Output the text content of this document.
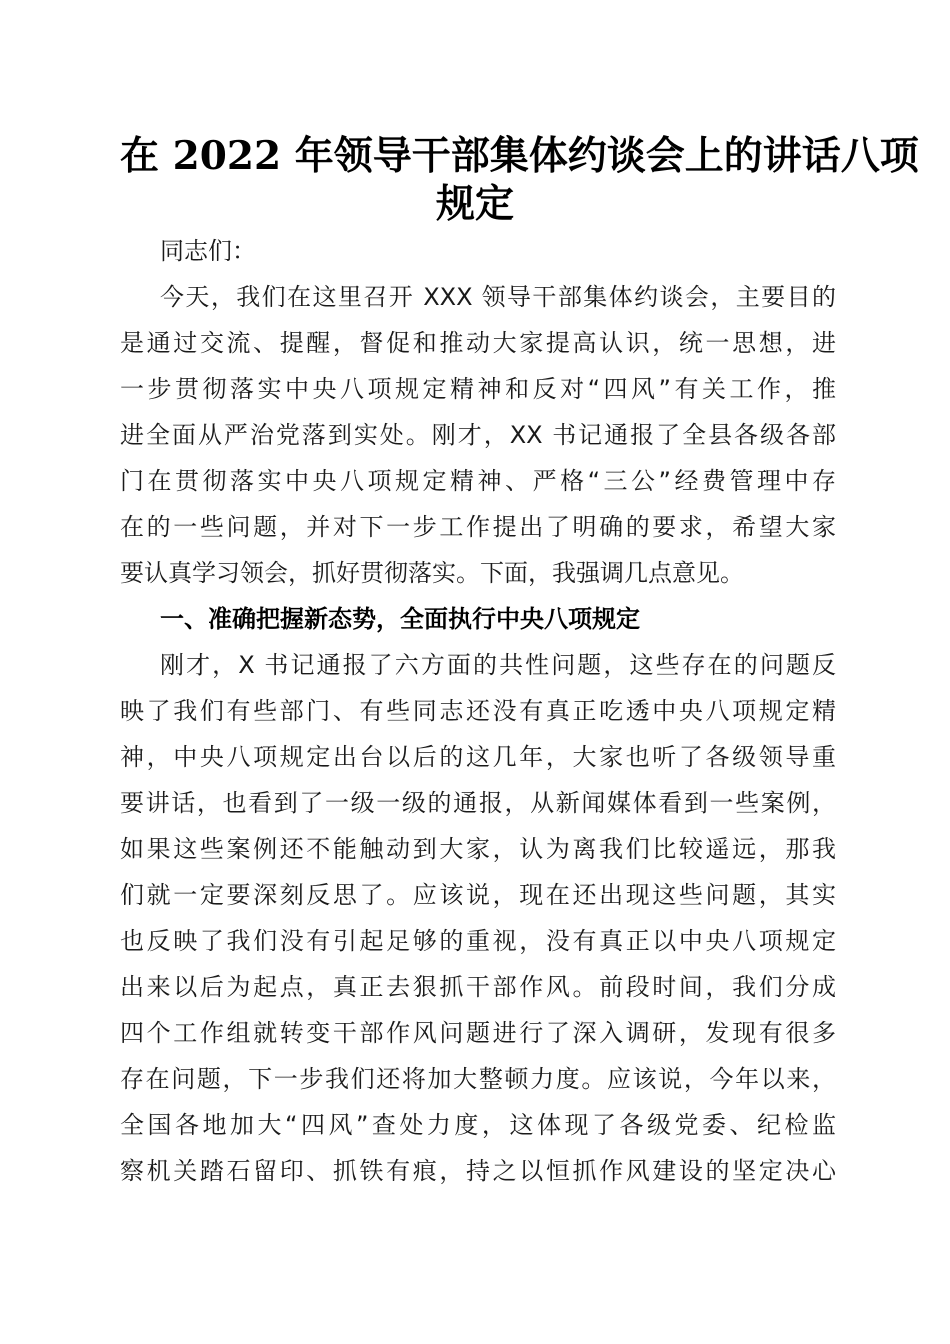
在 2022 年领导干部集体约谈会上的讲话八项
规定
同志们：
今天，我们在这里召开 XXX 领导干部集体约谈会，主要目的
是通过交流、提醒，督促和推动大家提高认识，统一思想，进
一步贯彻落实中央八项规定精神和反对“四风”有关工作，推
进全面从严治党落到实处。刚才，XX 书记通报了全县各级各部
门在贯彻落实中央八项规定精神、严格“三公”经费管理中存
在的一些问题，并对下一步工作提出了明确的要求，希望大家
要认真学习领会，抓好贯彻落实。下面，我强调几点意见。
一、准确把握新态势，全面执行中央八项规定
刚才，X 书记通报了六方面的共性问题，这些存在的问题反
映了我们有些部门、有些同志还没有真正吃透中央八项规定精
神，中央八项规定出台以后的这几年，大家也听了各级领导重
要讲话，也看到了一级一级的通报，从新闻媒体看到一些案例，
如果这些案例还不能触动到大家，认为离我们比较遥远，那我
们就一定要深刻反思了。应该说，现在还出现这些问题，其实
也反映了我们没有引起足够的重视，没有真正以中央八项规定
出来以后为起点，真正去狠抓干部作风。前段时间，我们分成
四个工作组就转变干部作风问题进行了深入调研，发现有很多
存在问题，下一步我们还将加大整顿力度。应该说，今年以来，
全国各地加大“四风”查处力度，这体现了各级党委、纪检监
察机关踏石留印、抓铁有痕，持之以恒抓作风建设的坚定决心
